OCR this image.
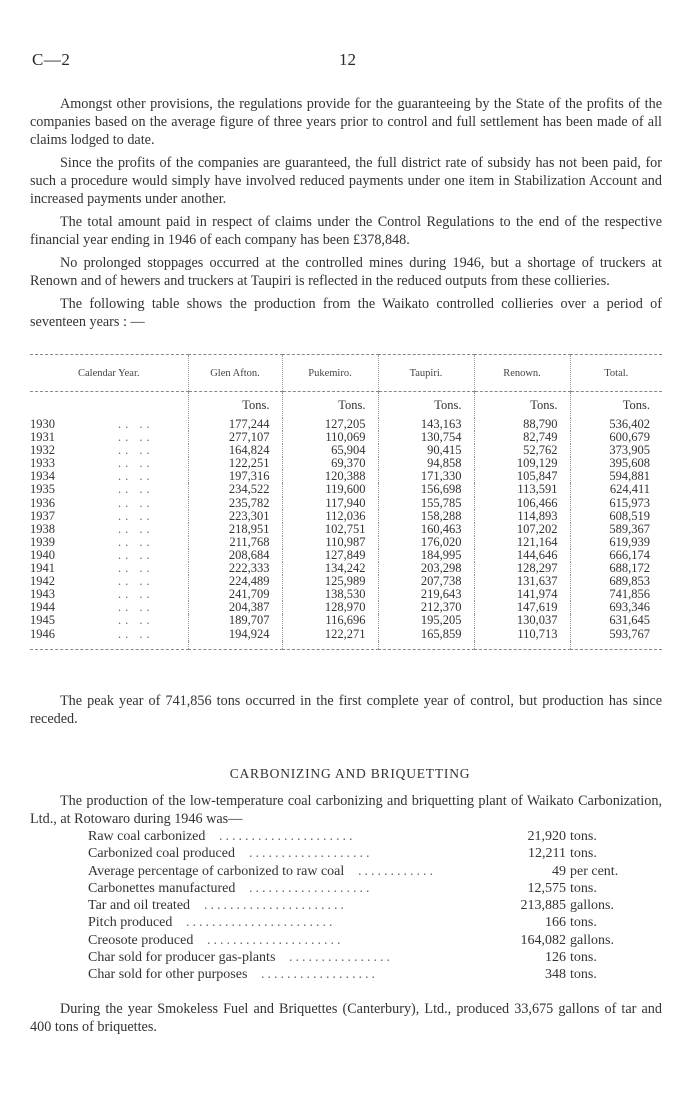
C—2	12

Amongst other provisions, the regulations provide for the guaranteeing by the State of the profits of the companies based on the average figure of three years prior to control and full settlement has been made of all claims lodged to date.

Since the profits of the companies are guaranteed, the full district rate of subsidy has not been paid, for such a procedure would simply have involved reduced payments under one item in Stabilization Account and increased payments under another.

The total amount paid in respect of claims under the Control Regulations to the end of the respective financial year ending in 1946 of each company has been £378,848.

No prolonged stoppages occurred at the controlled mines during 1946, but a shortage of truckers at Renown and of hewers and truckers at Taupiri is reflected in the reduced outputs from these collieries.

The following table shows the production from the Waikato controlled collieries over a period of seventeen years : —

Calendar Year.	Glen Afton.	Pukemiro.	Taupiri.	Renown.	Total.
	Tons.	Tons.	Tons.	Tons.	Tons.
1930 .. ..	177,244	127,205	143,163	88,790	536,402
1931 .. ..	277,107	110,069	130,754	82,749	600,679
1932 .. ..	164,824	65,904	90,415	52,762	373,905
1933 .. ..	122,251	69,370	94,858	109,129	395,608
1934 .. ..	197,316	120,388	171,330	105,847	594,881
1935 .. ..	234,522	119,600	156,698	113,591	624,411
1936 .. ..	235,782	117,940	155,785	106,466	615,973
1937 .. ..	223,301	112,036	158,288	114,893	608,519
1938 .. ..	218,951	102,751	160,463	107,202	589,367
1939 .. ..	211,768	110,987	176,020	121,164	619,939
1940 .. ..	208,684	127,849	184,995	144,646	666,174
1941 .. ..	222,333	134,242	203,298	128,297	688,172
1942 .. ..	224,489	125,989	207,738	131,637	689,853
1943 .. ..	241,709	138,530	219,643	141,974	741,856
1944 .. ..	204,387	128,970	212,370	147,619	693,346
1945 .. ..	189,707	116,696	195,205	130,037	631,645
1946 .. ..	194,924	122,271	165,859	110,713	593,767

The peak year of 741,856 tons occurred in the first complete year of control, but production has since receded.

CARBONIZING AND BRIQUETTING

The production of the low-temperature coal carbonizing and briquetting plant of Waikato Carbonization, Ltd., at Rotowaro during 1946 was—

Raw coal carbonized	21,920 tons.
.....................
Carbonized coal produced	12,211 tons.
...................
Average percentage of carbonized to raw coal	49 per cent.
............
Carbonettes manufactured	12,575 tons.
...................
Tar and oil treated	213,885 gallons.
......................
Pitch produced	166 tons.
.......................
Creosote produced	164,082 gallons.
.....................
Char sold for producer gas-plants	126 tons.
................
Char sold for other purposes	348 tons.
..................

During the year Smokeless Fuel and Briquettes (Canterbury), Ltd., produced 33,675 gallons of tar and 400 tons of briquettes.
